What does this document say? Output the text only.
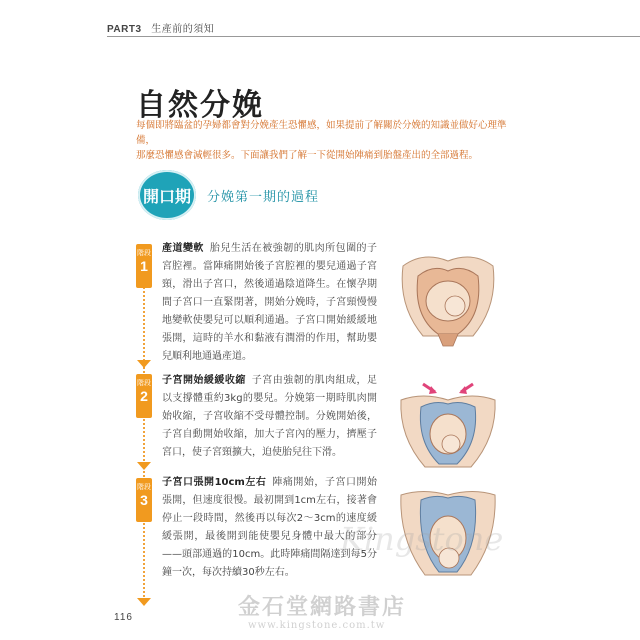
PART3 生產前的須知
自然分娩

每個即將臨盆的孕婦都會對分娩產生恐懼感，如果提前了解關於分娩的知識並做好心理準備，

那麼恐懼感會減輕很多。下面讓我們了解一下從開始陣痛到胎盤產出的全部過程。

開口期 分娩第一期的過程
階段
1
產道變軟 胎兒生活在被強韌的肌肉所包圍的子宮腔裡。當陣痛開始後子宮腔裡的嬰兒通過子宮頸，滑出子宮口，然後通過陰道降生。在懷孕期間子宮口一直緊閉著，開始分娩時，子宮頸慢慢地變軟使嬰兒可以順利通過。子宮口開始緩緩地張開，這時的羊水和黏液有潤滑的作用，幫助嬰兒順利地通過產道。
階段
2
子宮開始緩緩收縮 子宮由強韌的肌肉組成，足以支撐體重約3kg的嬰兒。分娩第一期時肌肉開始收縮，子宮收縮不受母體控制。分娩開始後，子宮自動開始收縮，加大子宮內的壓力，擠壓子宮口，使子宮頸擴大，迫使胎兒往下滑。
階段
3
子宮口張開10cm左右 陣痛開始，子宮口開始張開，但速度很慢。最初開到1cm左右，接著會停止一段時間，然後再以每次2～3cm的速度緩緩張開，最後開到能使嬰兒身體中最大的部分——頭部通過的10cm。此時陣痛間隔達到每5分鐘一次，每次持續30秒左右。
116
Kingstone
金石堂網路書店
www.kingstone.com.tw
